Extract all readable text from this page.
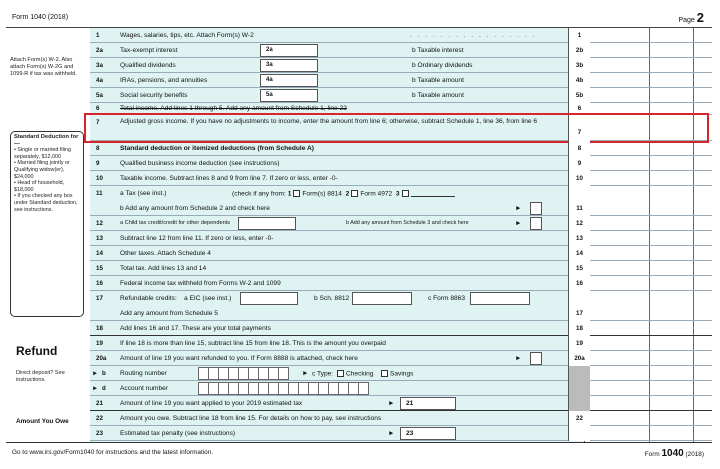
Form 1040 (2018)	Page 2
Attach Form(s) W-2. Also attach Form(s) W-2G and 1099-R if tax was withheld.
Standard Deduction for—
• Single or married filing separately, $12,000
• Married filing jointly or Qualifying widow(er), $24,000
• Head of household, $18,000
• If you checked any box under Standard deduction, see instructions.
Refund
Direct deposit? See instructions.
Amount You Owe
1	Wages, salaries, tips, etc. Attach Form(s) W-2	. . . . . . . . . . . . . . . . .	1
2a	Tax-exempt interest	2a	b Taxable interest	2b
3a	Qualified dividends	3a	b Ordinary dividends	3b
4a	IRAs, pensions, and annuities	4a	b Taxable amount	4b
5a	Social security benefits	5a	b Taxable amount	5b
6	Total income. Add lines 1 through 5. Add any amount from Schedule 1, line 22	6
7	Adjusted gross income. If you have no adjustments to income, enter the amount from line 6; otherwise, subtract Schedule 1, line 36, from line 6
7
8	Standard deduction or itemized deductions (from Schedule A)	8
9	Qualified business income deduction (see instructions)	9
10	Taxable income. Subtract lines 8 and 9 from line 7. If zero or less, enter -0-	10
11	a Tax (see inst.)	(check if any from: 1 Form(s) 8814 2 Form 4972 3
b Add any amount from Schedule 2 and check here	►	11
12	a Child tax credit/credit for other dependents	b Add any amount from Schedule 3 and check here	►	12
13	Subtract line 12 from line 11. If zero or less, enter -0-	13
14	Other taxes. Attach Schedule 4	14
15	Total tax. Add lines 13 and 14	15
16	Federal income tax withheld from Forms W-2 and 1099	16
17	Refundable credits: a EIC (see inst.)	b Sch. 8812	c Form 8863
Add any amount from Schedule 5	17
18	Add lines 16 and 17. These are your total payments	18
19	If line 18 is more than line 15, subtract line 15 from line 18. This is the amount you overpaid	19
20a Amount of line 19 you want refunded to you. If Form 8888 is attached, check here	►	20a
► b Routing number	► c Type: Checking	Savings
► d Account number
21	Amount of line 19 you want applied to your 2019 estimated tax	► 21
22	Amount you owe. Subtract line 18 from line 15. For details on how to pay, see instructions	22
23	Estimated tax penalty (see instructions)	► 23
Go to www.irs.gov/Form1040 for instructions and the latest information.	Form 1040 (2018)
